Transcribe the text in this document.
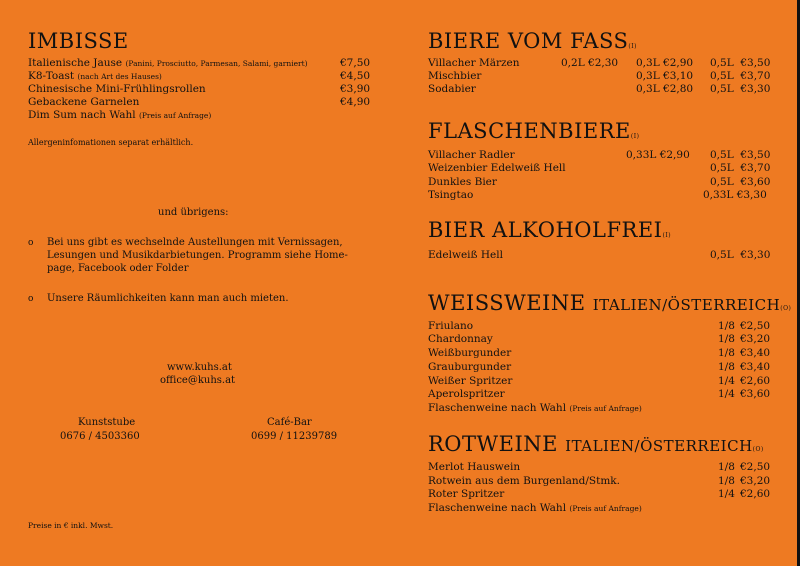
IMBISSE
Italienische Jause (Panini, Prosciutto, Parmesan, Salami, garniert)	€7,50
K8-Toast (nach Art des Hauses)	€4,50
Chinesische Mini-Frühlingsrollen	€3,90
Gebackene Garnelen	€4,90
Dim Sum nach Wahl (Preis auf Anfrage)
Allergeninfomationen separat erhältlich.
und übrigens:
o Bei uns gibt es wechselnde Austellungen mit Vernissagen,
Lesungen und Musikdarbietungen. Programm siehe Home-
page, Facebook oder Folder
o Unsere Räumlichkeiten kann man auch mieten.
www.kuhs.at
office@kuhs.at
Kunststube
0676 / 4503360
Café-Bar
0699 / 11239789
Preise in € inkl. Mwst.
BIERE VOM FASS(I)
Villacher Märzen	0,2L €2,30 0,3L €2,90 0,5L  €3,50
Mischbier	0,3L €3,10 0,5L  €3,70
Sodabier	0,3L €2,80 0,5L  €3,30
FLASCHENBIERE(I)
Villacher Radler	0,33L €2,90 0,5L  €3,50
Weizenbier Edelweiß Hell	0,5L  €3,70
Dunkles Bier	0,5L  €3,60
Tsingtao	0,33L €3,30
BIER ALKOHOLFREI(I)
Edelweiß Hell	0,5L  €3,30
WEISSWEINE ITALIEN/ÖSTERREICH(O)
Friulano	1/8 €2,50
Chardonnay	1/8 €3,20
Weißburgunder	1/8 €3,40
Grauburgunder	1/8 €3,40
Weißer Spritzer	1/4 €2,60
Aperolspritzer	1/4 €3,60
Flaschenweine nach Wahl (Preis auf Anfrage)
ROTWEINE ITALIEN/ÖSTERREICH(O)
Merlot Hauswein	1/8 €2,50
Rotwein aus dem Burgenland/Stmk.	1/8 €3,20
Roter Spritzer	1/4 €2,60
Flaschenweine nach Wahl (Preis auf Anfrage)
